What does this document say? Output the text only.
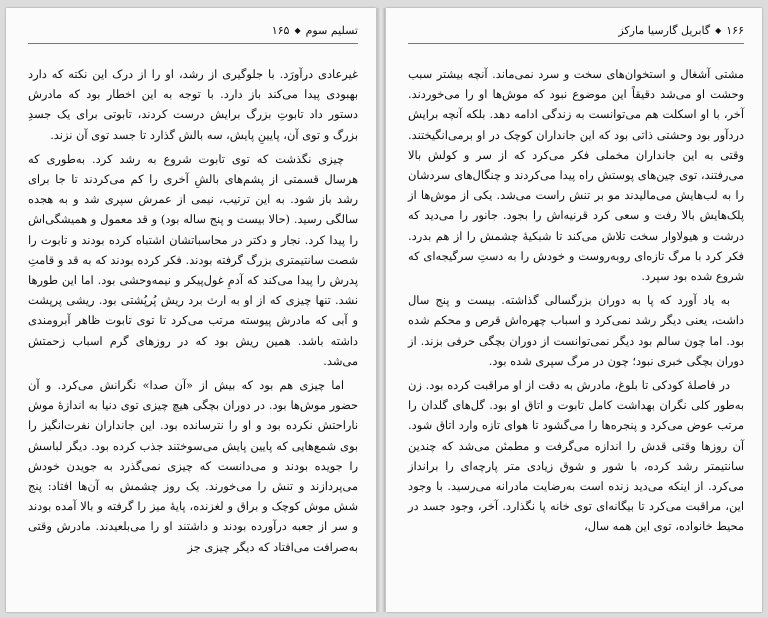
تسلیم سوم
◆
۱۶۵

غیرعادی درآورَد. با جلوگیری از رشد، او را از درک این نکته که دارد بهبودی پیدا می‌کند باز دارد. با توجه به این اخطار بود که مادرش دستور داد تابوتِ بزرگ برایش درست کردند، تابوتی برای یک جسدِ بزرگ و توی آن، پایینِ پایش، سه بالش گذارد تا جسد توی آن نزند.

چیزی نگذشت که توی تابوت شروع به رشد کرد. به‌طوری که هرسال قسمتی از پشم‌های بالشِ آخری را کم می‌کردند تا جا برای رشد باز شود. به این ترتیب، نیمی از عمرش سپری شد و به هجده سالگی رسید. (حالا بیست و پنج ساله بود) و قد معمول و همیشگی‌اش را پیدا کرد. نجار و دکتر در محاسباتشان اشتباه کرده بودند و تابوت را شصت سانتیمتری بزرگ گرفته بودند. فکر کرده بودند که به قد و قامتِ پدرش را پیدا می‌کند که آدمِ غول‌پیکر و نیمه‌وحشی بود. اما این طورها نشد. تنها چیزی که از او به ارث برد ریش پُرپُشتی بود. ریشی پرپشت و آبی که مادرش پیوسته مرتب می‌کرد تا توی تابوت ظاهر آبرومندی داشته باشد. همین ریش بود که در روزهای گرم اسباب زحمتش می‌شد.

اما چیزی هم بود که بیش از «آن صدا» نگرانش می‌کرد. و آن حضور موش‌ها بود. در دوران بچگی هیچ چیزی توی دنیا به اندازهٔ موش ناراحتش نکرده بود و او را نترسانده بود. این جانداران نفرت‌انگیز را بوی شمع‌هایی که پایین پایش می‌سوختند جذب کرده بود. دیگر لباسش را جویده بودند و می‌دانست که چیزی نمی‌گذرد به جویدن خودش می‌پردازند و تنش را می‌خورند. یک روز چشمش به آن‌ها افتاد: پنج شش موش کوچک و براق و لغزنده، پایهٔ میز را گرفته و بالا آمده بودند و سر از جعبه درآورده بودند و داشتند او را می‌بلعیدند. مادرش وقتی به‌صرافت می‌افتاد که دیگر چیزی جز

۱۶۶
◆
گابریل گارسیا مارکز

مشتی آشغال و استخوان‌های سخت و سرد نمی‌ماند. آنچه بیشتر سبب وحشت او می‌شد دقیقاً این موضوع نبود که موش‌ها او را می‌خوردند. آخر، با او اسکلت هم می‌توانست به زندگی ادامه دهد. بلکه آنچه برایش دردآور بود وحشتی ذاتی بود که این جانداران کوچک در او برمی‌انگیختند. وقتی به این جانداران مخملی فکر می‌کرد که از سر و کولش بالا می‌رفتند، توی چین‌های پوستش راه پیدا می‌کردند و چنگال‌های سردشان را به لب‌هایش می‌مالیدند مو بر تنش راست می‌شد. یکی از موش‌ها از پلک‌هایش بالا رفت و سعی کرد قرنیه‌اش را بجود. جانور را می‌دید که درشت و هیولاوار سخت تلاش می‌کند تا شبکیهٔ چشمش را از هم بدرد. فکر کرد با مرگ تازه‌ای روبه‌روست و خودش را به دستِ سرگیجه‌ای که شروع شده بود سپرد.

به یاد آورد که پا به دوران بزرگسالی گذاشته. بیست و پنج سال داشت، یعنی دیگر رشد نمی‌کرد و اسباب چهره‌اش قرص و محکم شده بود. اما چون سالم بود دیگر نمی‌توانست از دوران بچگی حرفی بزند. از دوران بچگی خبری نبود؛ چون در مرگ سپری شده بود.

در فاصلهٔ کودکی تا بلوغ، مادرش به دقت از او مراقبت کرده بود. زن به‌طور کلی نگران بهداشت کامل تابوت و اتاق او بود. گل‌های گلدان را مرتب عوض می‌کرد و پنجره‌ها را می‌گشود تا هوای تازه وارد اتاق شود. آن روزها وقتی قدش را اندازه می‌گرفت و مطمئن می‌شد که چندین سانتیمتر رشد کرده، با شور و شوق زیادی متر پارچه‌ای را برانداز می‌کرد. از اینکه می‌دید زنده است به‌رضایت مادرانه می‌رسید. با وجود این، مراقبت می‌کرد تا بیگانه‌ای توی خانه پا نگذارد. آخر، وجود جسد در محیط خانواده، توی این همه سال،
